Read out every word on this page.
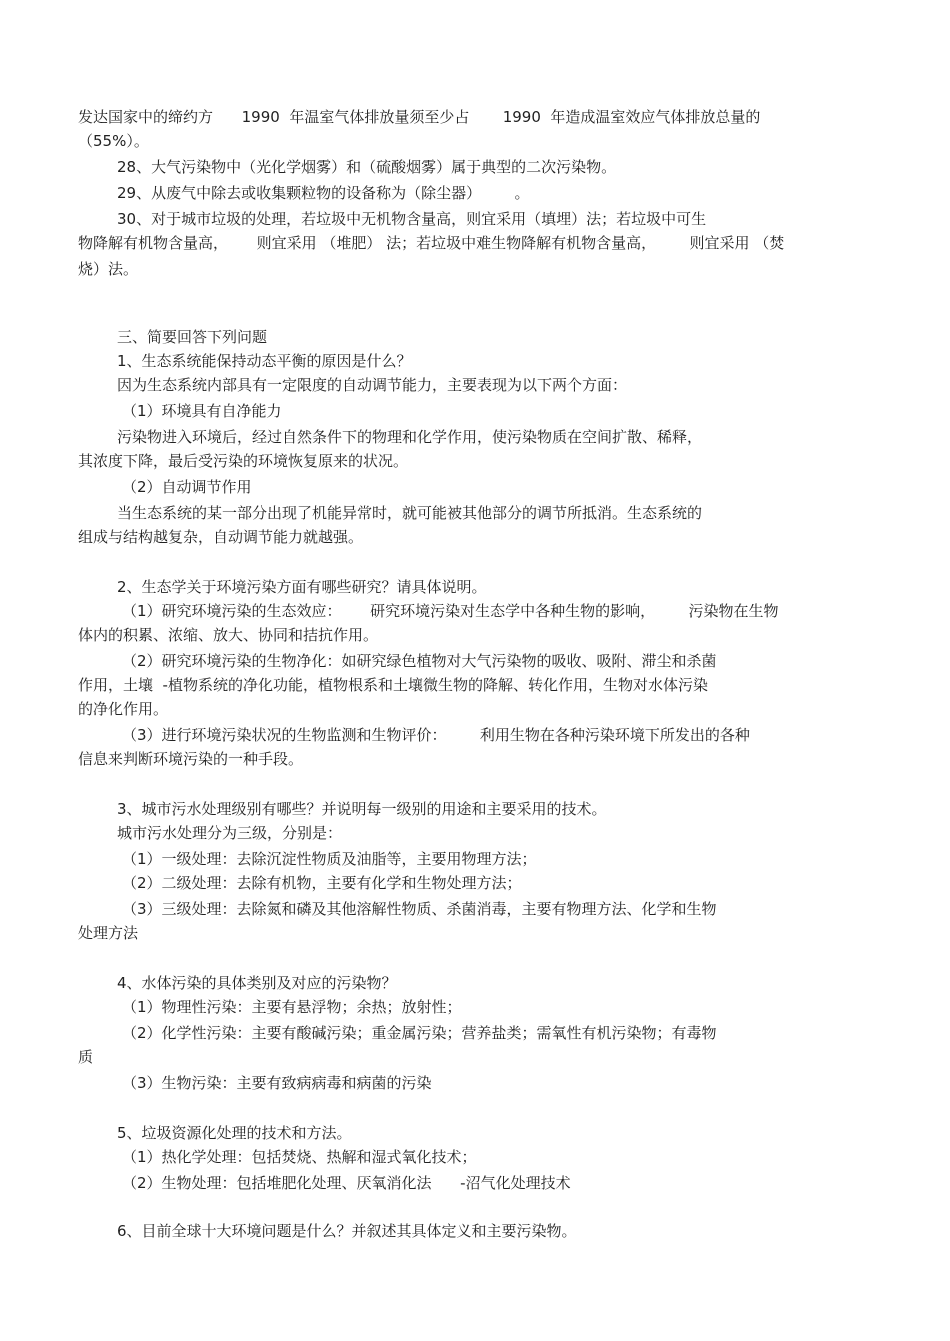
发达国家中的缔约方      1990  年温室气体排放量须至少占       1990  年造成温室效应气体排放总量的
（55%）。
28、大气污染物中（光化学烟雾）和（硫酸烟雾）属于典型的二次污染物。
29、从废气中除去或收集颗粒物的设备称为（除尘器）       。
30、对于城市垃圾的处理，若垃圾中无机物含量高，则宜采用（填埋）法；若垃圾中可生
物降解有机物含量高，      则宜采用 （堆肥） 法；若垃圾中难生物降解有机物含量高，       则宜采用 （焚
烧）法。
三、简要回答下列问题
1、生态系统能保持动态平衡的原因是什么？
因为生态系统内部具有一定限度的自动调节能力，主要表现为以下两个方面：
（1）环境具有自净能力
污染物进入环境后，经过自然条件下的物理和化学作用，使污染物质在空间扩散、稀释，
其浓度下降，最后受污染的环境恢复原来的状况。
（2）自动调节作用
当生态系统的某一部分出现了机能异常时，就可能被其他部分的调节所抵消。生态系统的
组成与结构越复杂，自动调节能力就越强。
2、生态学关于环境污染方面有哪些研究？请具体说明。
（1）研究环境污染的生态效应：      研究环境污染对生态学中各种生物的影响，       污染物在生物
体内的积累、浓缩、放大、协同和拮抗作用。
（2）研究环境污染的生物净化：如研究绿色植物对大气污染物的吸收、吸附、滞尘和杀菌
作用，土壤  -植物系统的净化功能，植物根系和土壤微生物的降解、转化作用，生物对水体污染
的净化作用。
（3）进行环境污染状况的生物监测和生物评价：       利用生物在各种污染环境下所发出的各种
信息来判断环境污染的一种手段。
3、城市污水处理级别有哪些？并说明每一级别的用途和主要采用的技术。
城市污水处理分为三级，分别是：
（1）一级处理：去除沉淀性物质及油脂等，主要用物理方法；
（2）二级处理：去除有机物，主要有化学和生物处理方法；
（3）三级处理：去除氮和磷及其他溶解性物质、杀菌消毒，主要有物理方法、化学和生物
处理方法
4、水体污染的具体类别及对应的污染物？
（1）物理性污染：主要有悬浮物；余热；放射性；
（2）化学性污染：主要有酸碱污染；重金属污染；营养盐类；需氧性有机污染物；有毒物
质
（3）生物污染：主要有致病病毒和病菌的污染
5、垃圾资源化处理的技术和方法。
（1）热化学处理：包括焚烧、热解和湿式氧化技术；
（2）生物处理：包括堆肥化处理、厌氧消化法      -沼气化处理技术
6、目前全球十大环境问题是什么？并叙述其具体定义和主要污染物。
